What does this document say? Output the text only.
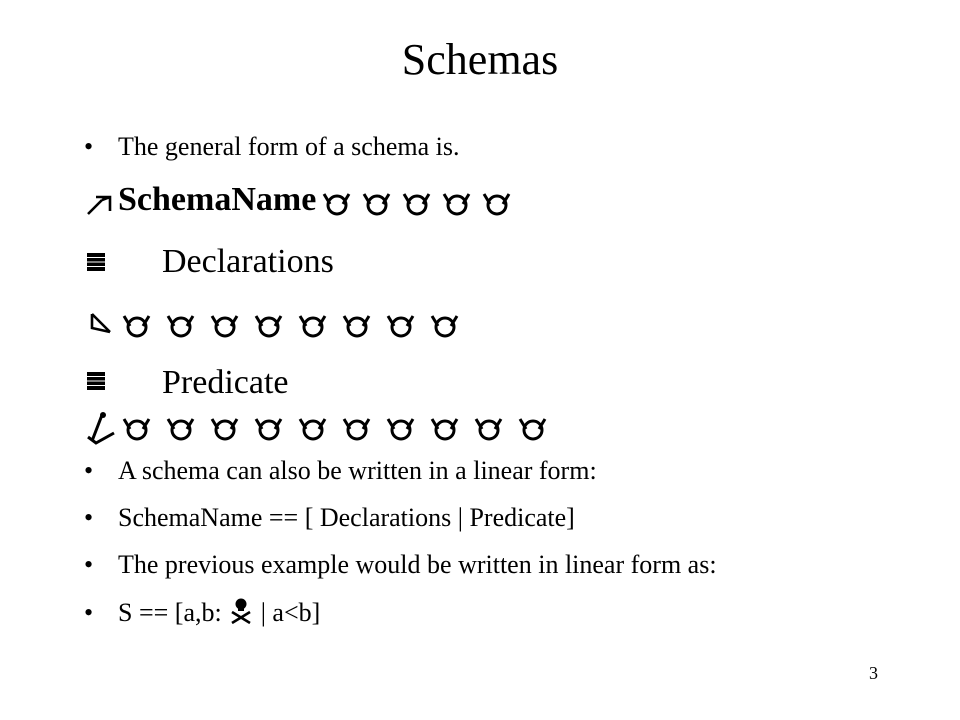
Schemas
• The general form of a schema is.
SchemaName
Declarations
Predicate
• A schema can also be written in a linear form:
• SchemaName == [ Declarations | Predicate]
• The previous example would be written in linear form as:
• S == [a,b:  | a<b]
3
